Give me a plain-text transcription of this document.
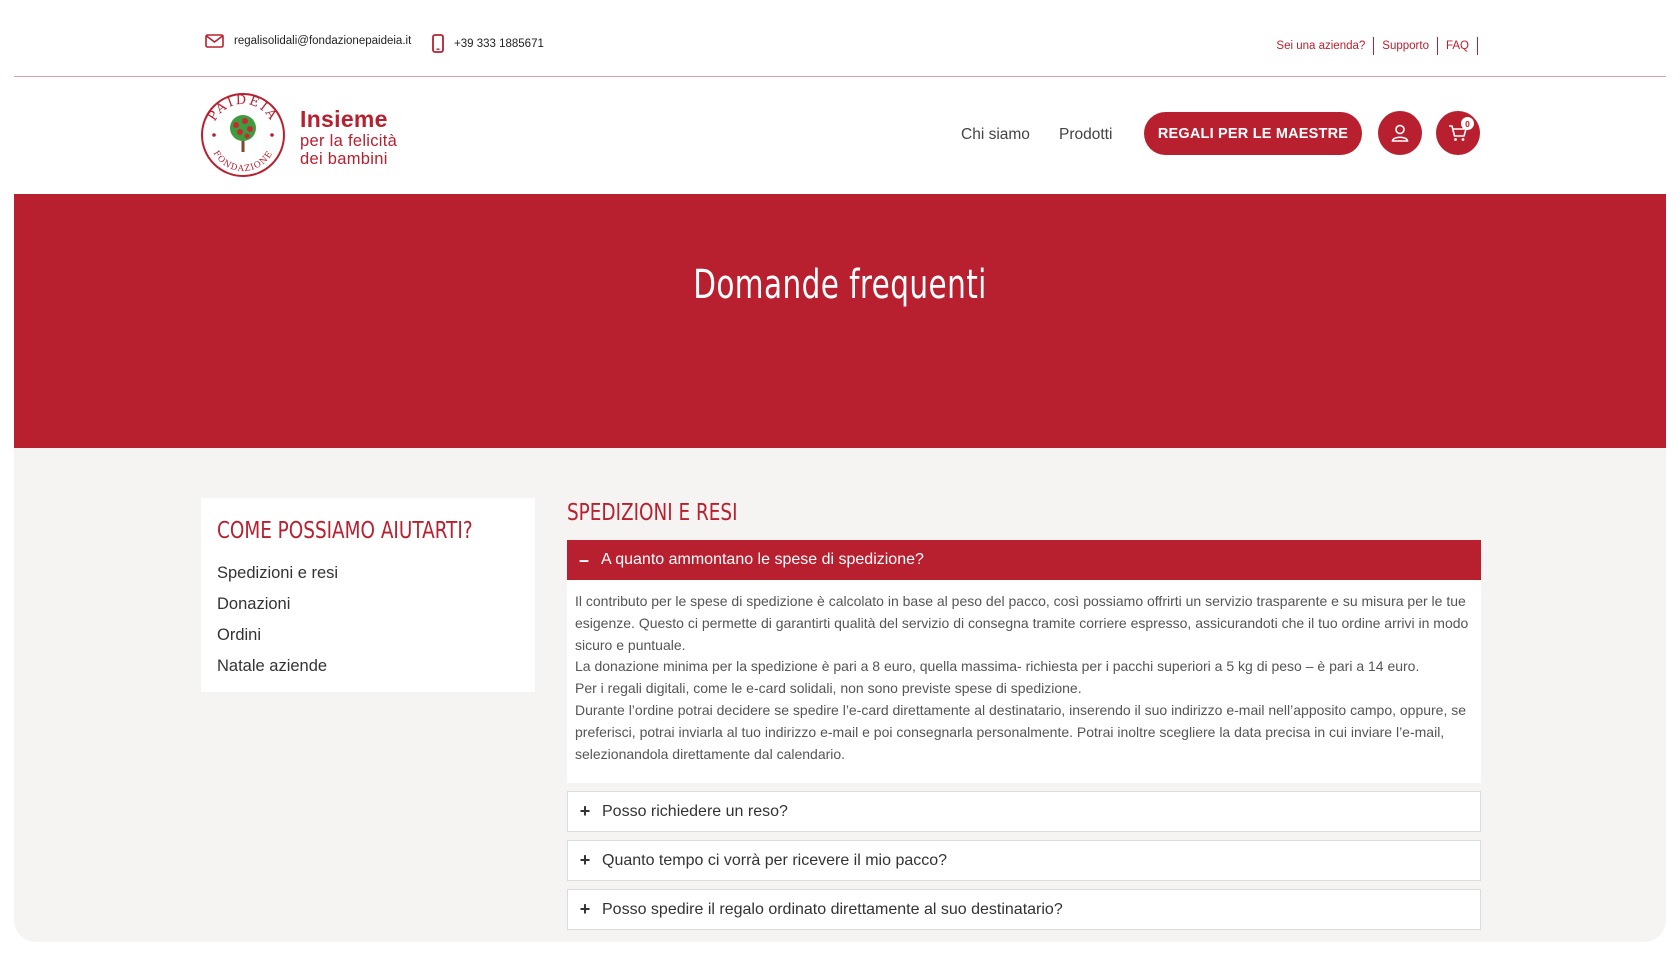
regalisolidali@fondazionepaideia.it	+39 333 1885671	Sei una azienda?	Supporto	FAQ
PAIDEIA
FONDAZIONE
Insieme
per la felicità
dei bambini
Chi siamo Prodotti	REGALI PER LE MAESTRE
0
Domande frequenti
COME POSSIAMO AIUTARTI?
Spedizioni e resi
Donazioni
Ordini
Natale aziende
SPEDIZIONI E RESI
– A quanto ammontano le spese di spedizione?

Il contributo per le spese di spedizione è calcolato in base al peso del pacco, così possiamo offrirti un servizio trasparente e su misura per le tue esigenze. Questo ci permette di garantirti qualità del servizio di consegna tramite corriere espresso, assicurandoti che il tuo ordine arrivi in modo sicuro e puntuale.

La donazione minima per la spedizione è pari a 8 euro, quella massima- richiesta per i pacchi superiori a 5 kg di peso – è pari a 14 euro.

Per i regali digitali, come le e-card solidali, non sono previste spese di spedizione.

Durante l’ordine potrai decidere se spedire l’e-card direttamente al destinatario, inserendo il suo indirizzo e-mail nell’apposito campo, oppure, se preferisci, potrai inviarla al tuo indirizzo e-mail e poi consegnarla personalmente. Potrai inoltre scegliere la data precisa in cui inviare l’e-mail, selezionandola direttamente dal calendario.

+ Posso richiedere un reso?
+ Quanto tempo ci vorrà per ricevere il mio pacco?
+ Posso spedire il regalo ordinato direttamente al suo destinatario?
